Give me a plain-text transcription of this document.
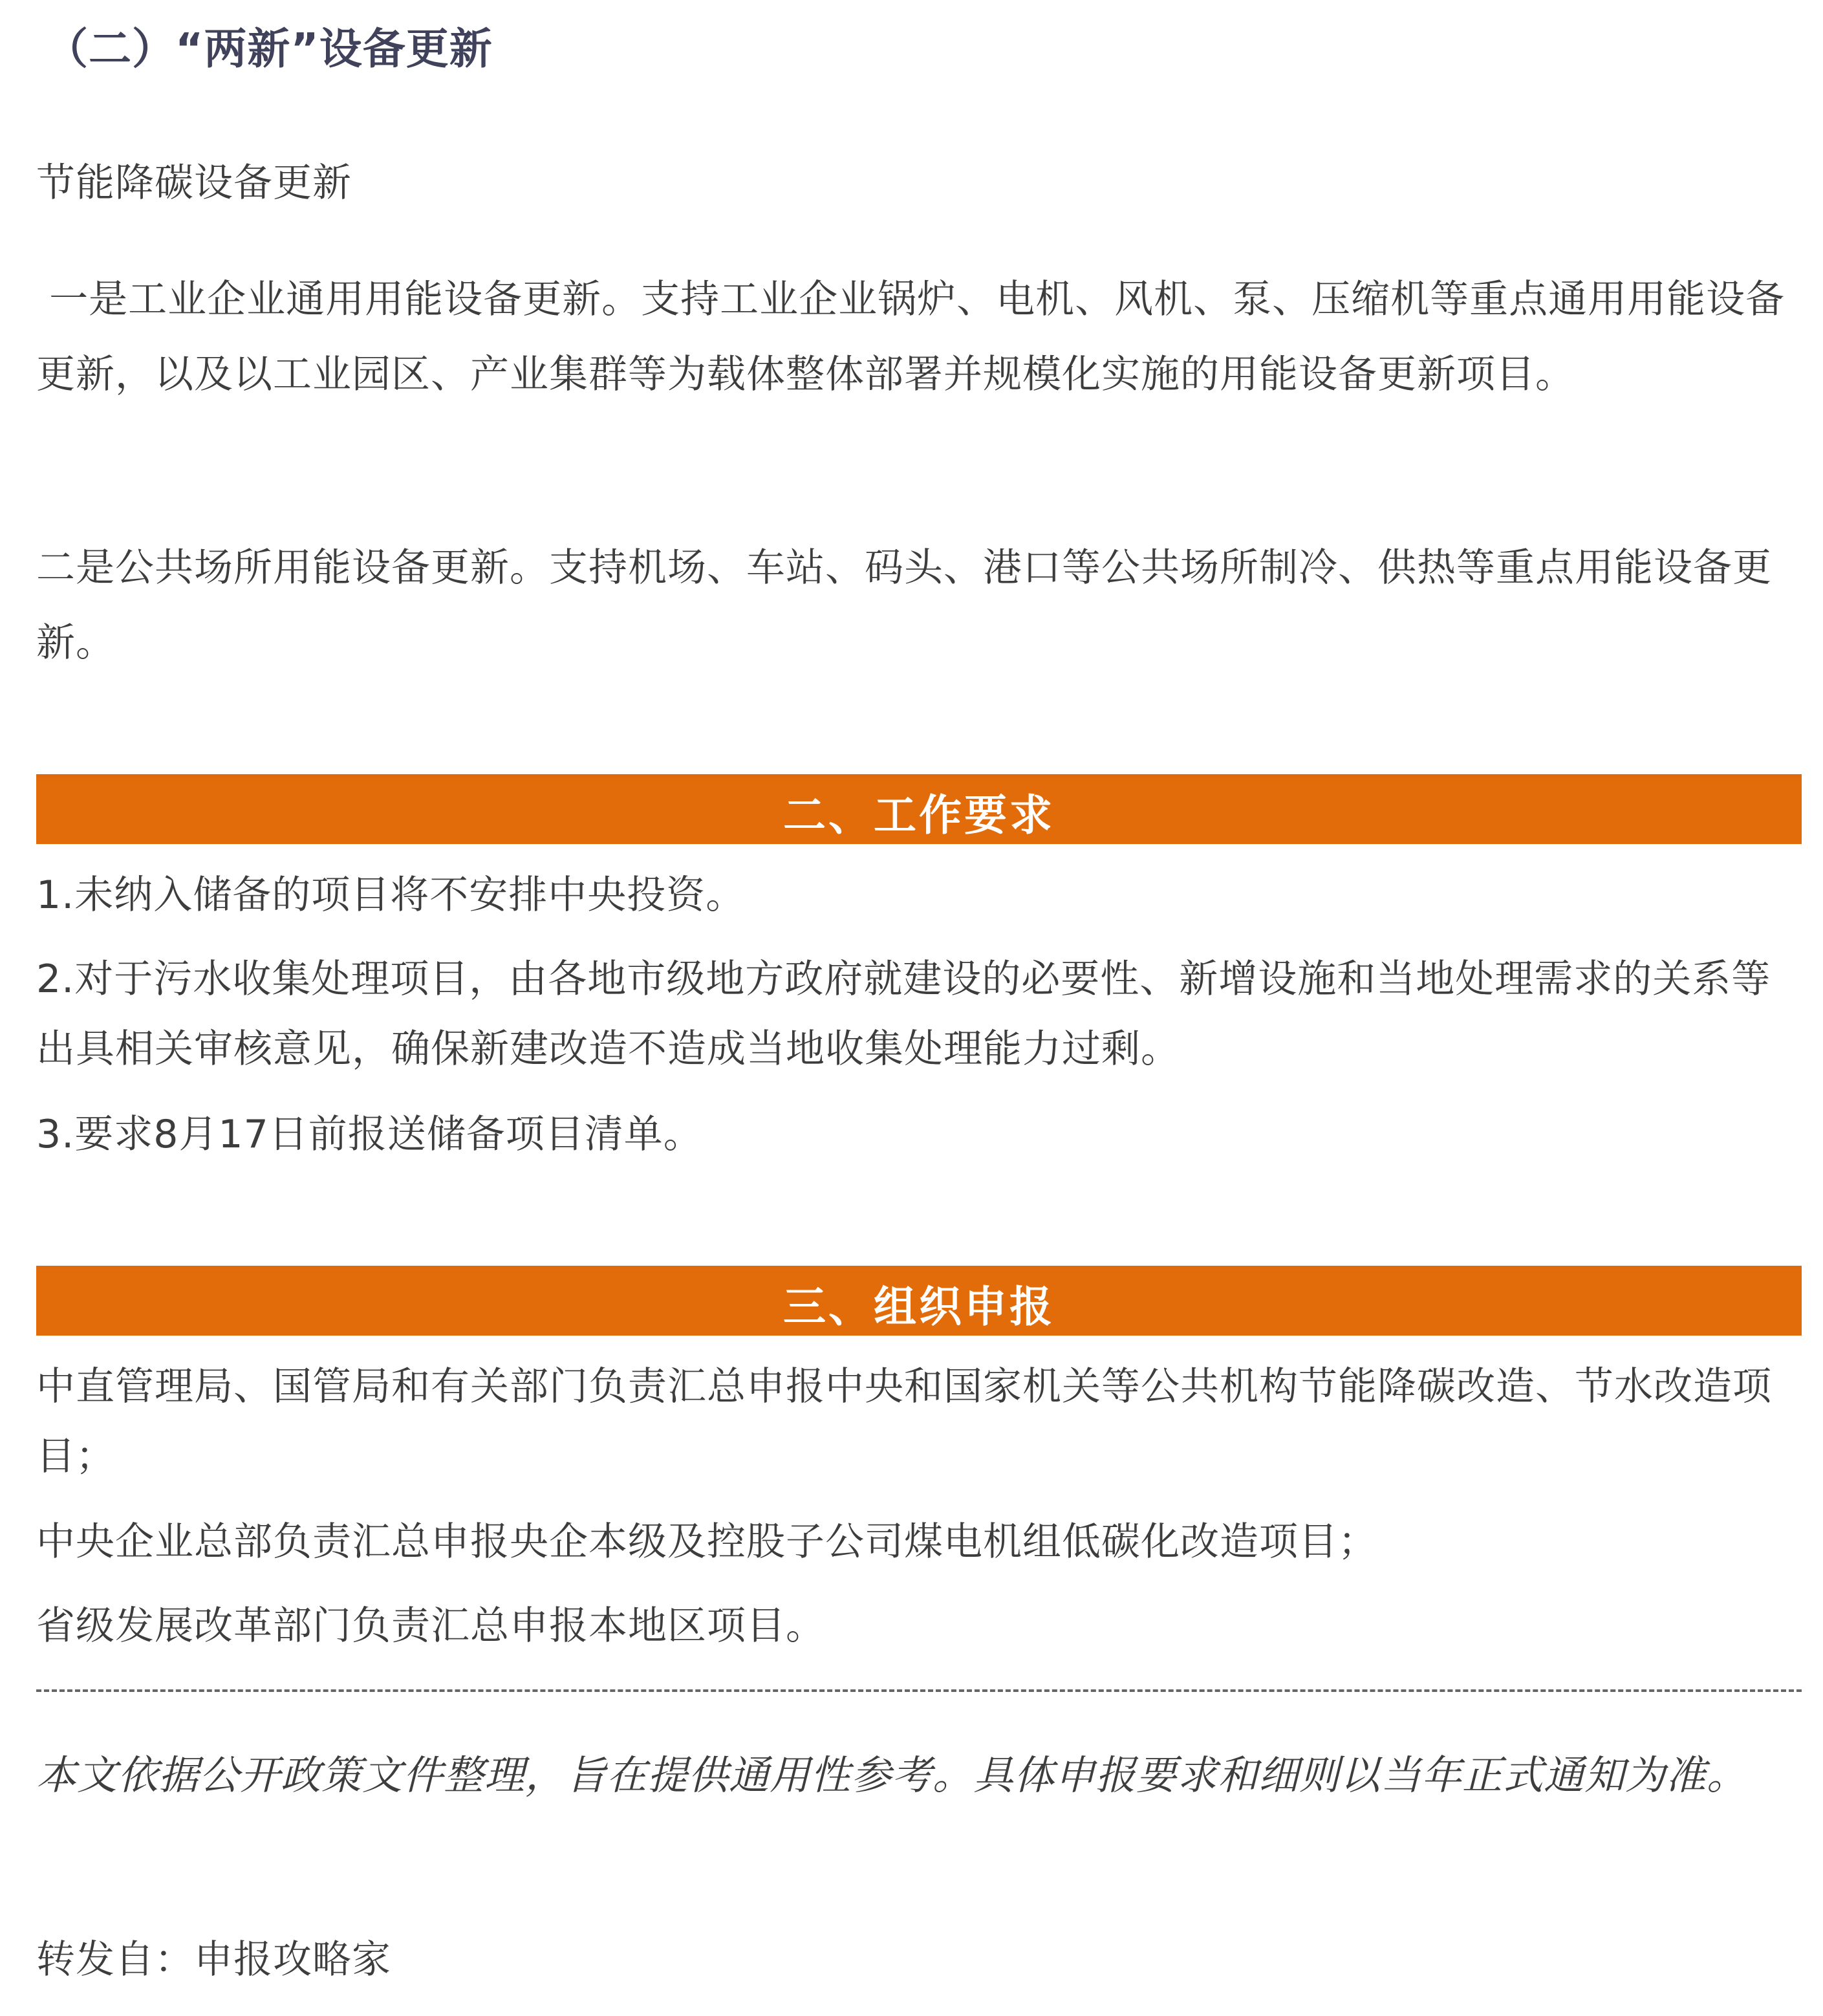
（二）“两新”设备更新
节能降碳设备更新
一是工业企业通用用能设备更新。支持工业企业锅炉、电机、风机、泵、压缩机等重点通用用能设备更新，以及以工业园区、产业集群等为载体整体部署并规模化实施的用能设备更新项目。
二是公共场所用能设备更新。支持机场、车站、码头、港口等公共场所制冷、供热等重点用能设备更新。
二、工作要求
1.未纳入储备的项目将不安排中央投资。
2.对于污水收集处理项目，由各地市级地方政府就建设的必要性、新增设施和当地处理需求的关系等出具相关审核意见，确保新建改造不造成当地收集处理能力过剩。
3.要求8月17日前报送储备项目清单。
三、组织申报
中直管理局、国管局和有关部门负责汇总申报中央和国家机关等公共机构节能降碳改造、节水改造项目；
中央企业总部负责汇总申报央企本级及控股子公司煤电机组低碳化改造项目；
省级发展改革部门负责汇总申报本地区项目。
本文依据公开政策文件整理，旨在提供通用性参考。具体申报要求和细则以当年正式通知为准。
转发自：申报攻略家
